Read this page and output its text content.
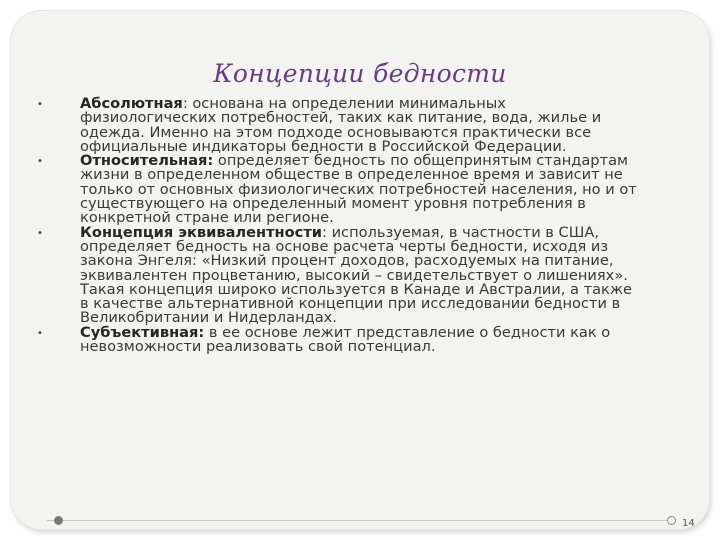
Концепции бедности
•	Абсолютная: основана на определении минимальных физиологических потребностей, таких как питание, вода, жилье и одежда. Именно на этом подходе основываются практически все официальные индикаторы бедности в Российской Федерации.
•	Относительная: определяет бедность по общепринятым стандартам жизни в определенном обществе в определенное время и зависит не только от основных физиологических потребностей населения, но и от существующего на определенный момент уровня потребления в конкретной стране или регионе.
•	Концепция эквивалентности: используемая, в частности в США, определяет бедность на основе расчета черты бедности, исходя из закона Энгеля: «Низкий процент доходов, расходуемых на питание, эквивалентен процветанию, высокий – свидетельствует о лишениях». Такая концепция широко используется в Канаде и Австралии, а также в качестве альтернативной концепции при исследовании бедности в Великобритании и Нидерландах.
•	Субъективная: в ее основе лежит представление о бедности как о невозможности реализовать свой потенциал.
14
